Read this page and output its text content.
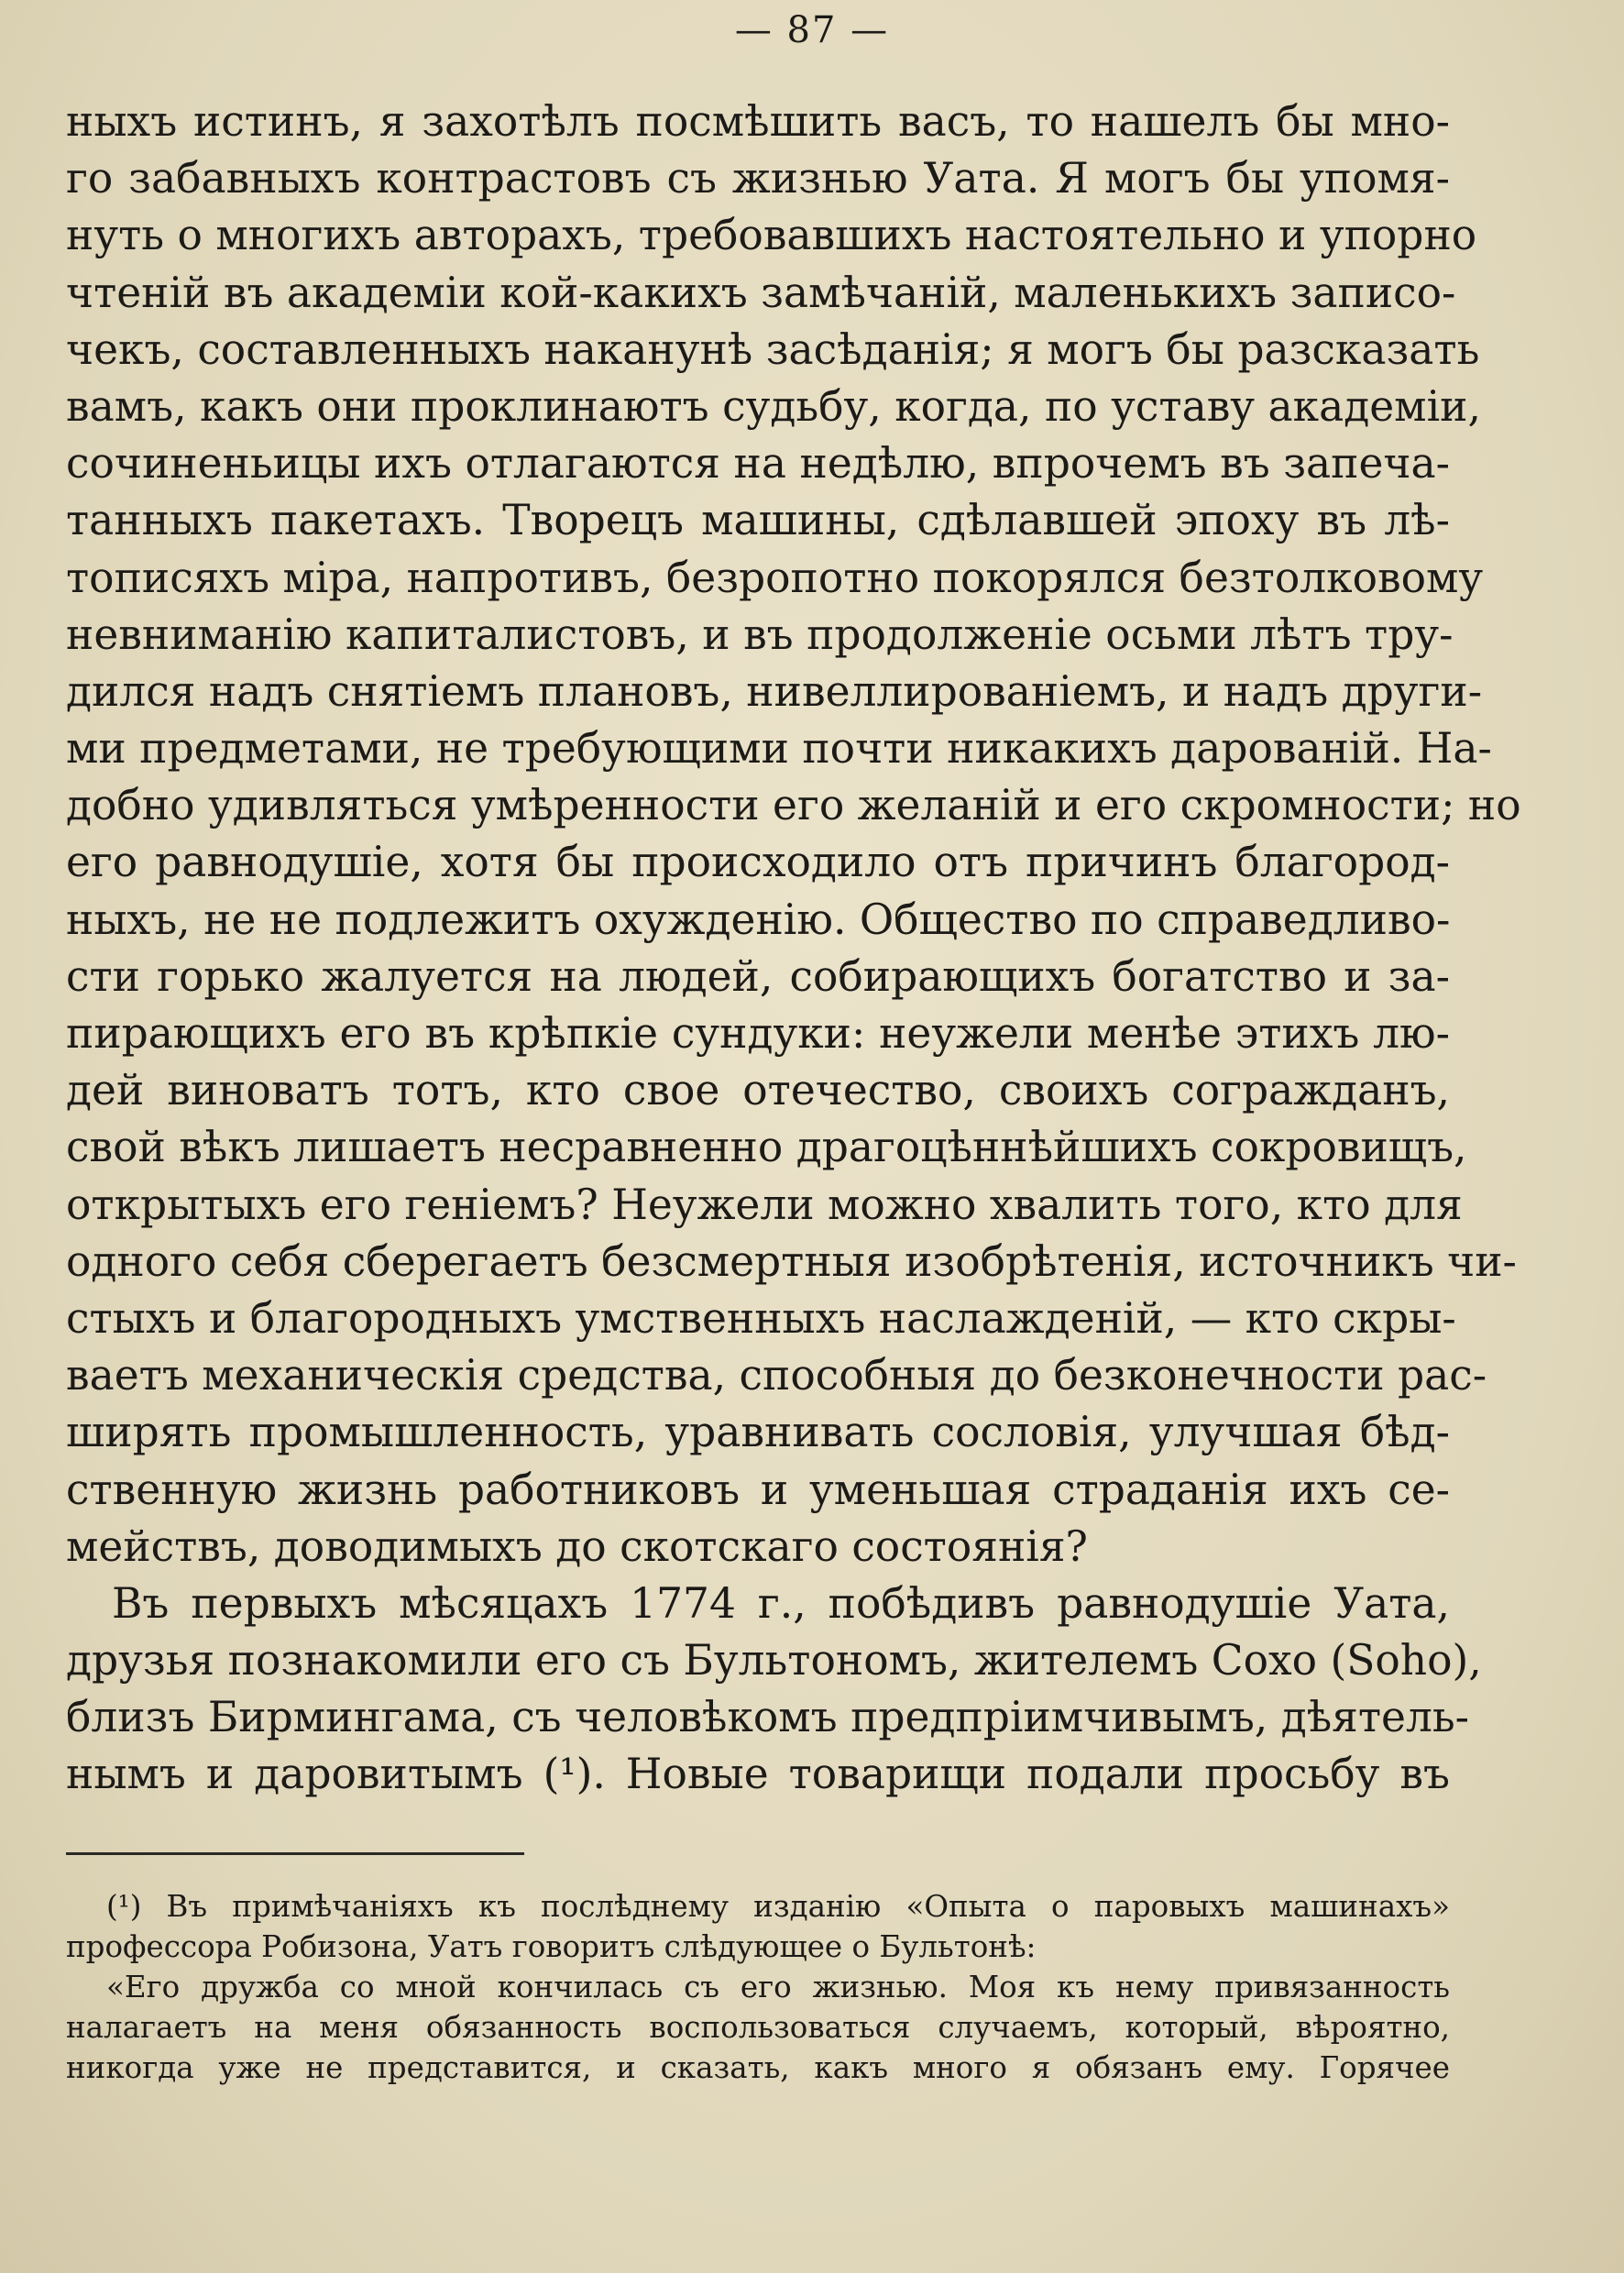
— 87 —
ныхъ истинъ, я захотѣлъ посмѣшить васъ, то нашелъ бы мно-
го забавныхъ контрастовъ съ жизнью Уата. Я могъ бы упомя-
нуть о многихъ авторахъ, требовавшихъ настоятельно и упорно
чтеній въ академіи кой-какихъ замѣчаній, маленькихъ записо-
чекъ, составленныхъ наканунѣ засѣданія; я могъ бы разсказать
вамъ, какъ они проклинаютъ судьбу, когда, по уставу академіи,
сочиненьицы ихъ отлагаются на недѣлю, впрочемъ въ запеча-
танныхъ пакетахъ. Творецъ машины, сдѣлавшей эпоху въ лѣ-
тописяхъ міра, напротивъ, безропотно покорялся безтолковому
невниманію капиталистовъ, и въ продолженіе осьми лѣтъ тру-
дился надъ снятіемъ плановъ, нивеллированіемъ, и надъ други-
ми предметами, не требующими почти никакихъ дарованій. На-
добно удивляться умѣренности его желаній и его скромности; но
его равнодушіе, хотя бы происходило отъ причинъ благород-
ныхъ, не не подлежитъ охужденію. Общество по справедливо-
сти горько жалуется на людей, собирающихъ богатство и за-
пирающихъ его въ крѣпкіе сундуки: неужели менѣе этихъ лю-
дей виноватъ тотъ, кто свое отечество, своихъ согражданъ,
свой вѣкъ лишаетъ несравненно драгоцѣннѣйшихъ сокровищъ,
открытыхъ его геніемъ? Неужели можно хвалить того, кто для
одного себя сберегаетъ безсмертныя изобрѣтенія, источникъ чи-
стыхъ и благородныхъ умственныхъ наслажденій, — кто скры-
ваетъ механическія средства, способныя до безконечности рас-
ширять промышленность, уравнивать сословія, улучшая бѣд-
ственную жизнь работниковъ и уменьшая страданія ихъ се-
мействъ, доводимыхъ до скотскаго состоянія?
Въ первыхъ мѣсяцахъ 1774 г., побѣдивъ равнодушіе Уата,
друзья познакомили его съ Бультономъ, жителемъ Сохо (Soho),
близъ Бирмингама, съ человѣкомъ предпріимчивымъ, дѣятель-
нымъ и даровитымъ (¹). Новые товарищи подали просьбу въ
(¹) Въ примѣчаніяхъ къ послѣднему изданію «Опыта о паровыхъ машинахъ»
профессора Робизона, Уатъ говоритъ слѣдующее о Бультонѣ:
«Его дружба со мной кончилась съ его жизнью. Моя къ нему привязанность
налагаетъ на меня обязанность воспользоваться случаемъ, который, вѣроятно,
никогда уже не представится, и сказать, какъ много я обязанъ ему. Горячее
